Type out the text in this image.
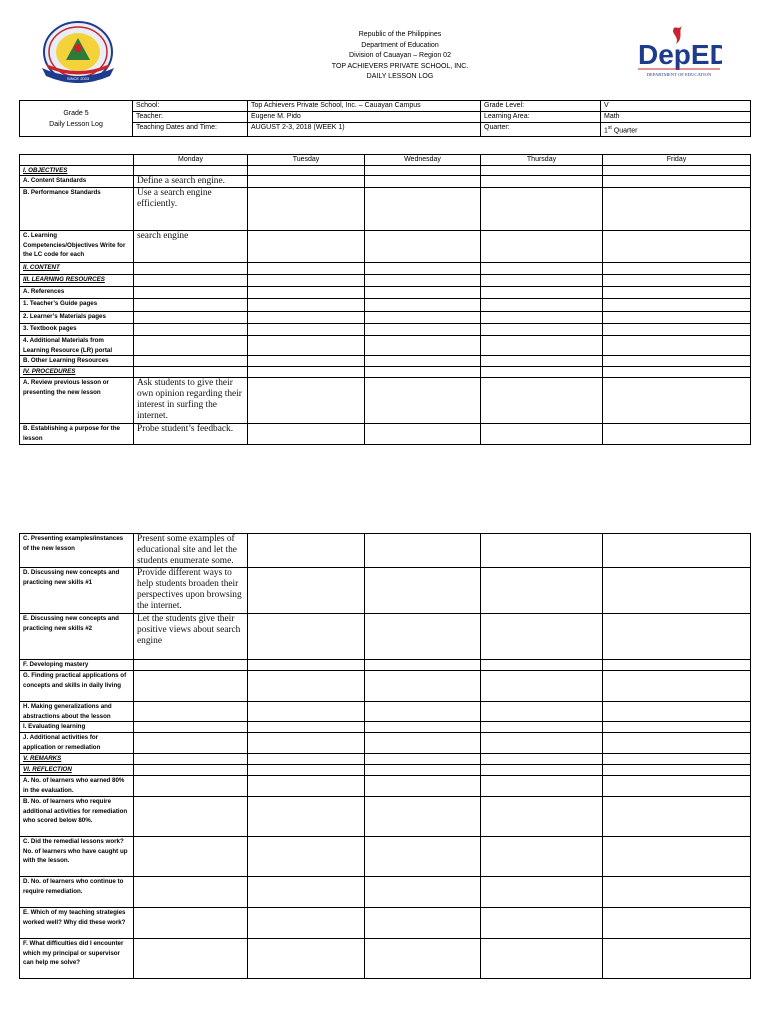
SINCE 2003
DepED
DEPARTMENT OF EDUCATION
Republic of the Philippines
Department of Education
Division of Cauayan – Region 02
TOP ACHIEVERS PRIVATE SCHOOL, INC.
DAILY LESSON LOG
Grade 5
Daily Lesson Log	School:	Top Achievers Private School, Inc. – Cauayan Campus	Grade Level:	V
	Teacher:	Eugene M. Pido	Learning Area:	Math
	Teaching Dates and Time:	AUGUST 2-3, 2018 (WEEK 1)	Quarter:	1st Quarter
	Monday	Tuesday	Wednesday	Thursday	Friday
I. OBJECTIVES					
A. Content Standards	Define a search engine.				
B. Performance Standards	Use a search engine efficiently.				
C. Learning Competencies/Objectives Write for the LC code for each	search engine				
II. CONTENT					
III. LEARNING RESOURCES					
A. References					
1. Teacher’s Guide pages					
2. Learner’s Materials pages					
3. Textbook pages					
4. Additional Materials from Learning Resource (LR) portal					
B. Other Learning Resources					
IV. PROCEDURES					
A. Review previous lesson or presenting the new lesson	Ask students to give their own opinion regarding their interest in surfing the internet.				
B. Establishing a purpose for the lesson	Probe student’s feedback.				
C. Presenting examples/instances of the new lesson	Present some examples of educational site and let the students enumerate some.				
D. Discussing new concepts and practicing new skills #1	Provide different ways to help students broaden their perspectives upon browsing the internet.				
E. Discussing new concepts and practicing new skills #2	Let the students give their positive views about search engine				
F. Developing mastery					
G. Finding practical applications of concepts and skills in daily living					
H. Making generalizations and abstractions about the lesson					
I. Evaluating learning					
J. Additional activities for application or remediation					
V. REMARKS					
VI. REFLECTION					
A. No. of learners who earned 80% in the evaluation.					
B. No. of learners who require additional activities for remediation who scored below 80%.					
C. Did the remedial lessons work? No. of learners who have caught up with the lesson.					
D. No. of learners who continue to require remediation.					
E. Which of my teaching strategies worked well? Why did these work?					
F. What difficulties did I encounter which my principal or supervisor can help me solve?					
